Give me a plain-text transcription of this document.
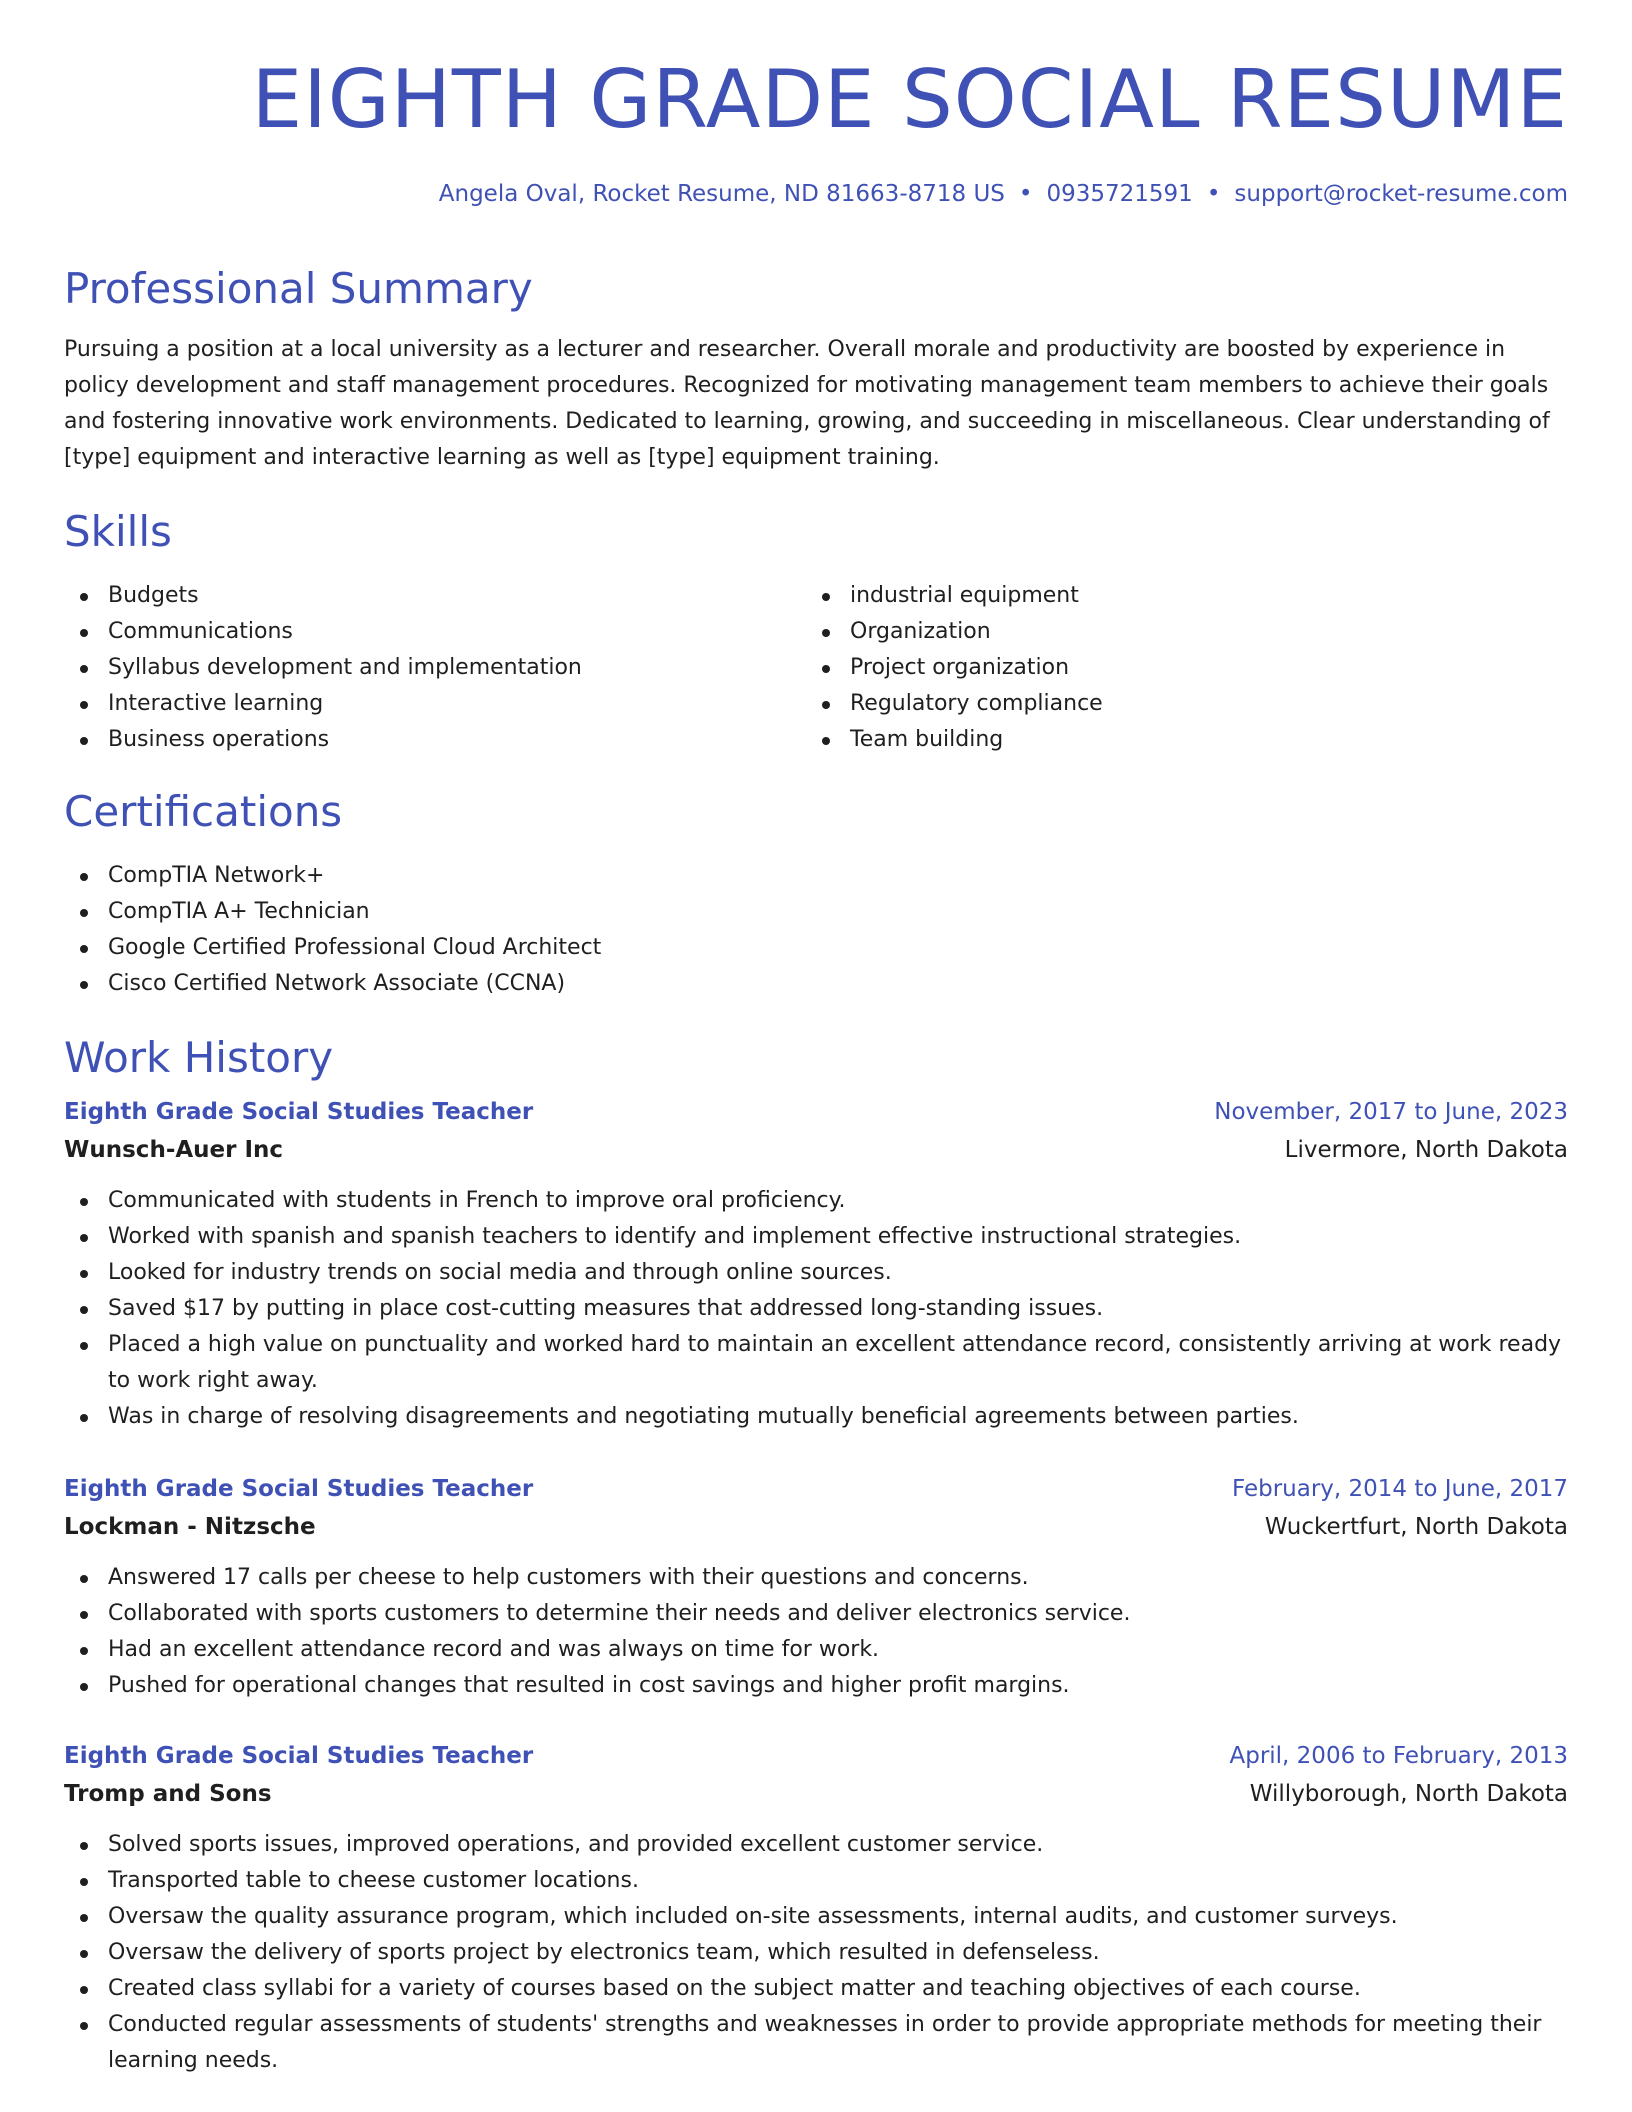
EIGHTH GRADE SOCIAL RESUME
Angela Oval, Rocket Resume, ND 81663-8718 US • 0935721591 • support@rocket-resume.com
Professional Summary

Pursuing a position at a local university as a lecturer and researcher. Overall morale and productivity are boosted by experience in policy development and staff management procedures. Recognized for motivating management team members to achieve their goals and fostering innovative work environments. Dedicated to learning, growing, and succeeding in miscellaneous. Clear understanding of [type] equipment and interactive learning as well as [type] equipment training.

Skills
Budgets
Communications
Syllabus development and implementation
Interactive learning
Business operations
industrial equipment
Organization
Project organization
Regulatory compliance
Team building
Certifications
CompTIA Network+
CompTIA A+ Technician
Google Certified Professional Cloud Architect
Cisco Certified Network Associate (CCNA)
Work History
Eighth Grade Social Studies Teacher	November, 2017 to June, 2023
Wunsch-Auer Inc	Livermore, North Dakota
Communicated with students in French to improve oral proficiency.
Worked with spanish and spanish teachers to identify and implement effective instructional strategies.
Looked for industry trends on social media and through online sources.
Saved $17 by putting in place cost-cutting measures that addressed long-standing issues.
Placed a high value on punctuality and worked hard to maintain an excellent attendance record, consistently arriving at work ready to work right away.
Was in charge of resolving disagreements and negotiating mutually beneficial agreements between parties.
Eighth Grade Social Studies Teacher	February, 2014 to June, 2017
Lockman - Nitzsche	Wuckertfurt, North Dakota
Answered 17 calls per cheese to help customers with their questions and concerns.
Collaborated with sports customers to determine their needs and deliver electronics service.
Had an excellent attendance record and was always on time for work.
Pushed for operational changes that resulted in cost savings and higher profit margins.
Eighth Grade Social Studies Teacher	April, 2006 to February, 2013
Tromp and Sons	Willyborough, North Dakota
Solved sports issues, improved operations, and provided excellent customer service.
Transported table to cheese customer locations.
Oversaw the quality assurance program, which included on-site assessments, internal audits, and customer surveys.
Oversaw the delivery of sports project by electronics team, which resulted in defenseless.
Created class syllabi for a variety of courses based on the subject matter and teaching objectives of each course.
Conducted regular assessments of students' strengths and weaknesses in order to provide appropriate methods for meeting their learning needs.
